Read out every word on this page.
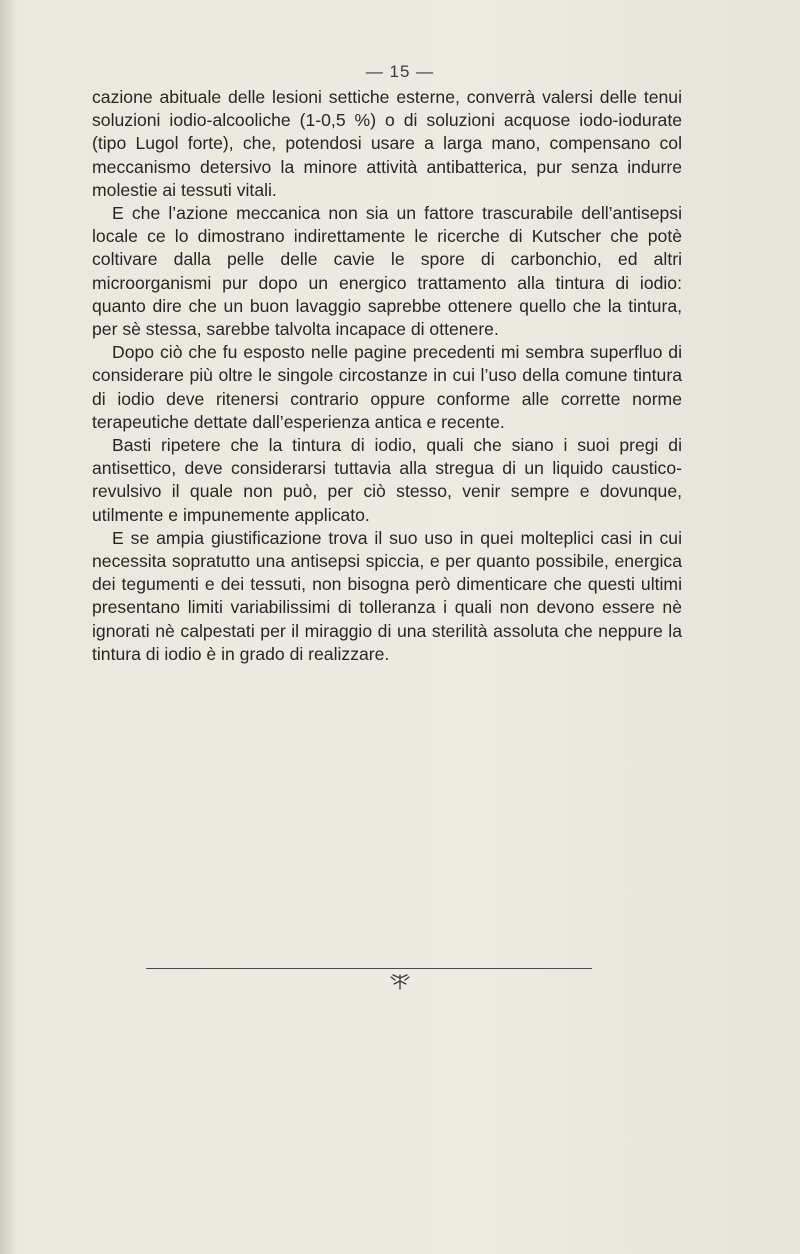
— 15 —

cazione abituale delle lesioni settiche esterne, converrà valersi delle tenui soluzioni iodio-alcooliche (1-0,5 %) o di soluzioni acquose iodo-iodurate (tipo Lugol forte), che, potendosi usare a larga mano, compensano col meccanismo detersivo la minore attività antibatterica, pur senza indurre molestie ai tessuti vitali.

E che l’azione meccanica non sia un fattore trascurabile dell’antisepsi locale ce lo dimostrano indirettamente le ricerche di Kutscher che potè coltivare dalla pelle delle cavie le spore di carbonchio, ed altri microorganismi pur dopo un energico trattamento alla tintura di iodio: quanto dire che un buon lavaggio saprebbe ottenere quello che la tintura, per sè stessa, sarebbe talvolta incapace di ottenere.

Dopo ciò che fu esposto nelle pagine precedenti mi sembra superfluo di considerare più oltre le singole circostanze in cui l’uso della comune tintura di iodio deve ritenersi contrario oppure conforme alle corrette norme terapeutiche dettate dall’esperienza antica e recente.

Basti ripetere che la tintura di iodio, quali che siano i suoi pregi di antisettico, deve considerarsi tuttavia alla stregua di un liquido caustico-revulsivo il quale non può, per ciò stesso, venir sempre e dovunque, utilmente e impunemente applicato.

E se ampia giustificazione trova il suo uso in quei molteplici casi in cui necessita sopratutto una antisepsi spiccia, e per quanto possibile, energica dei tegumenti e dei tessuti, non bisogna però dimenticare che questi ultimi presentano limiti variabilissimi di tolleranza i quali non devono essere nè ignorati nè calpestati per il miraggio di una sterilità assoluta che neppure la tintura di iodio è in grado di realizzare.
